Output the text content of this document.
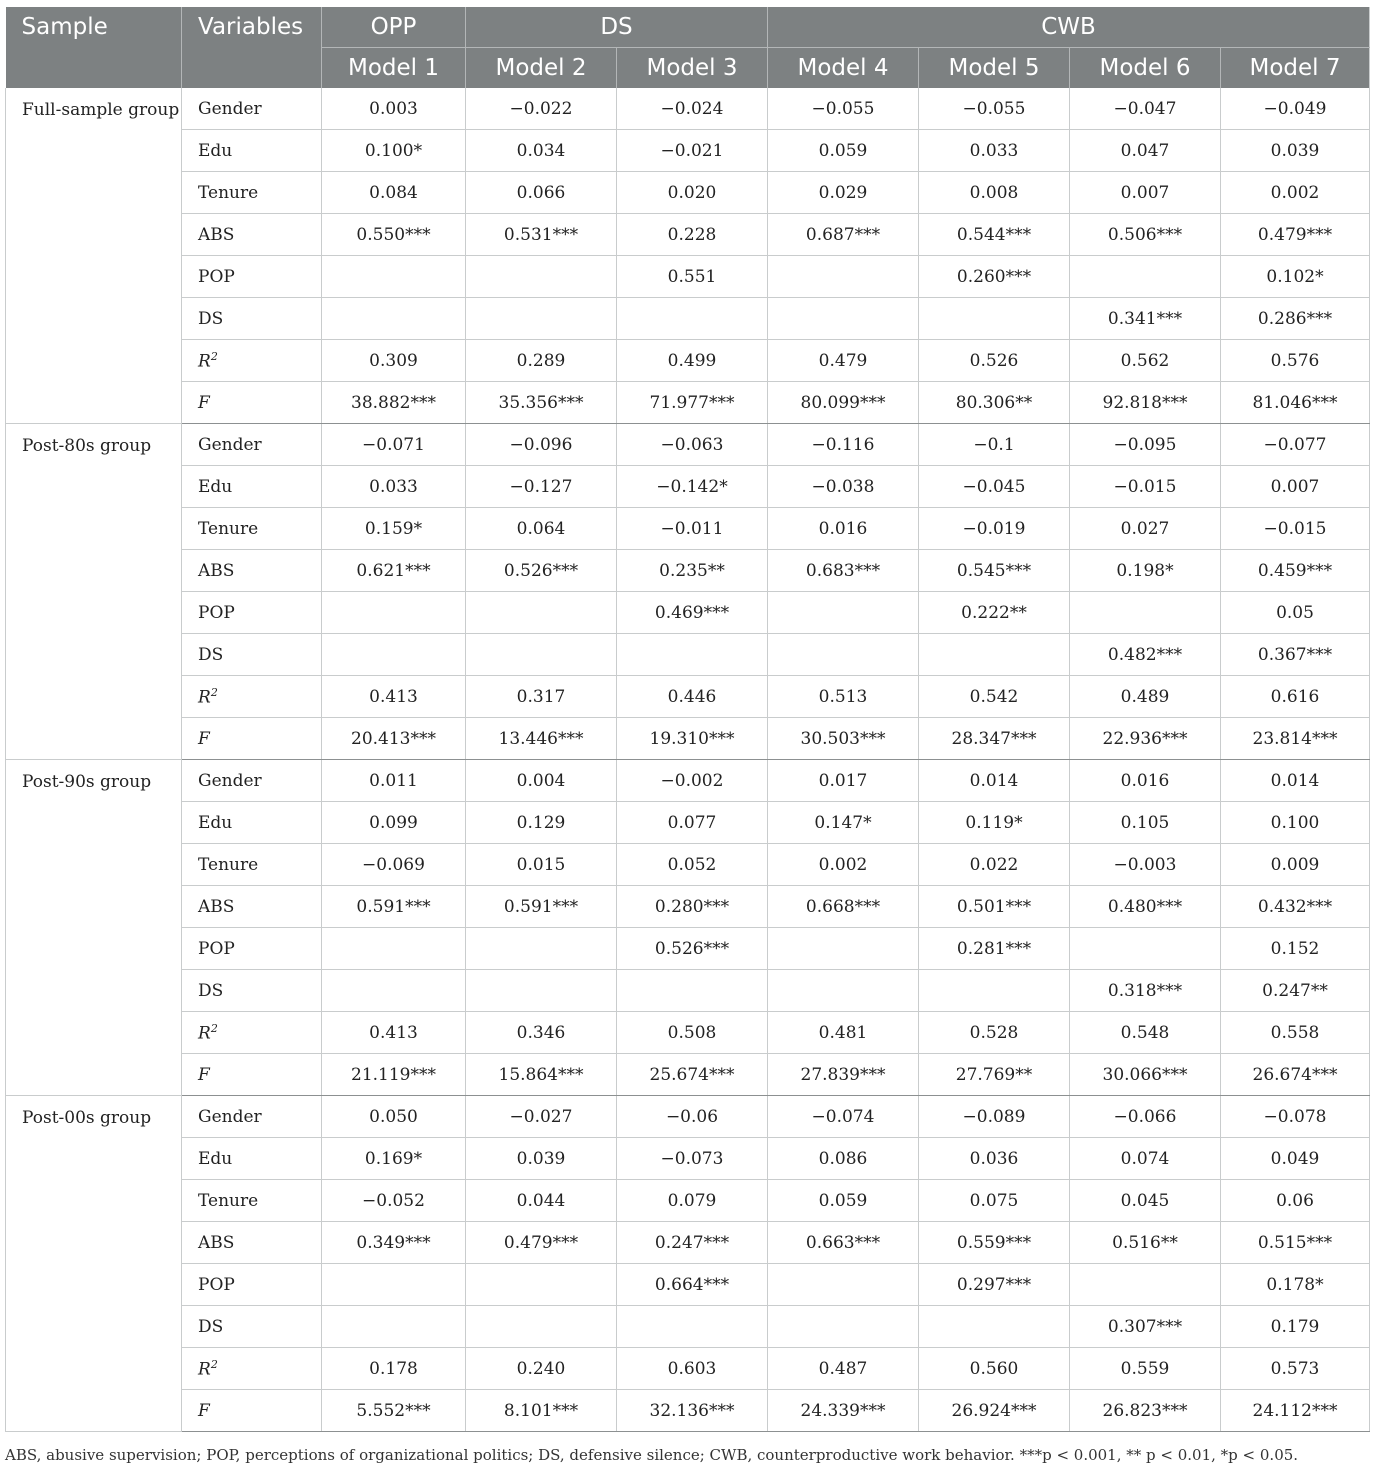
Sample	Variables	OPP	DS		CWB			
		Model 1	Model 2	Model 3	Model 4	Model 5	Model 6	Model 7
Full-sample group	Gender	0.003	−0.022	−0.024	−0.055	−0.055	−0.047	−0.049
	Edu	0.100*	0.034	−0.021	0.059	0.033	0.047	0.039
	Tenure	0.084	0.066	0.020	0.029	0.008	0.007	0.002
	ABS	0.550***	0.531***	0.228	0.687***	0.544***	0.506***	0.479***
	POP			0.551		0.260***		0.102*
	DS						0.341***	0.286***
	$R^2$	0.309	0.289	0.499	0.479	0.526	0.562	0.576
	F	38.882***	35.356***	71.977***	80.099***	80.306**	92.818***	81.046***
Post-80s group	Gender	−0.071	−0.096	−0.063	−0.116	−0.1	−0.095	−0.077
	Edu	0.033	−0.127	−0.142*	−0.038	−0.045	−0.015	0.007
	Tenure	0.159*	0.064	−0.011	0.016	−0.019	0.027	−0.015
	ABS	0.621***	0.526***	0.235**	0.683***	0.545***	0.198*	0.459***
	POP			0.469***		0.222**		0.05
	DS						0.482***	0.367***
	$R^2$	0.413	0.317	0.446	0.513	0.542	0.489	0.616
	F	20.413***	13.446***	19.310***	30.503***	28.347***	22.936***	23.814***
Post-90s group	Gender	0.011	0.004	−0.002	0.017	0.014	0.016	0.014
	Edu	0.099	0.129	0.077	0.147*	0.119*	0.105	0.100
	Tenure	−0.069	0.015	0.052	0.002	0.022	−0.003	0.009
	ABS	0.591***	0.591***	0.280***	0.668***	0.501***	0.480***	0.432***
	POP			0.526***		0.281***		0.152
	DS						0.318***	0.247**
	$R^2$	0.413	0.346	0.508	0.481	0.528	0.548	0.558
	F	21.119***	15.864***	25.674***	27.839***	27.769**	30.066***	26.674***
Post-00s group	Gender	0.050	−0.027	−0.06	−0.074	−0.089	−0.066	−0.078
	Edu	0.169*	0.039	−0.073	0.086	0.036	0.074	0.049
	Tenure	−0.052	0.044	0.079	0.059	0.075	0.045	0.06
	ABS	0.349***	0.479***	0.247***	0.663***	0.559***	0.516**	0.515***
	POP			0.664***		0.297***		0.178*
	DS						0.307***	0.179
	$R^2$	0.178	0.240	0.603	0.487	0.560	0.559	0.573
	F	5.552***	8.101***	32.136***	24.339***	26.924***	26.823***	24.112***
ABS, abusive supervision; POP, perceptions of organizational politics; DS, defensive silence; CWB, counterproductive work behavior. ***p < 0.001, ** p < 0.01, *p < 0.05.
